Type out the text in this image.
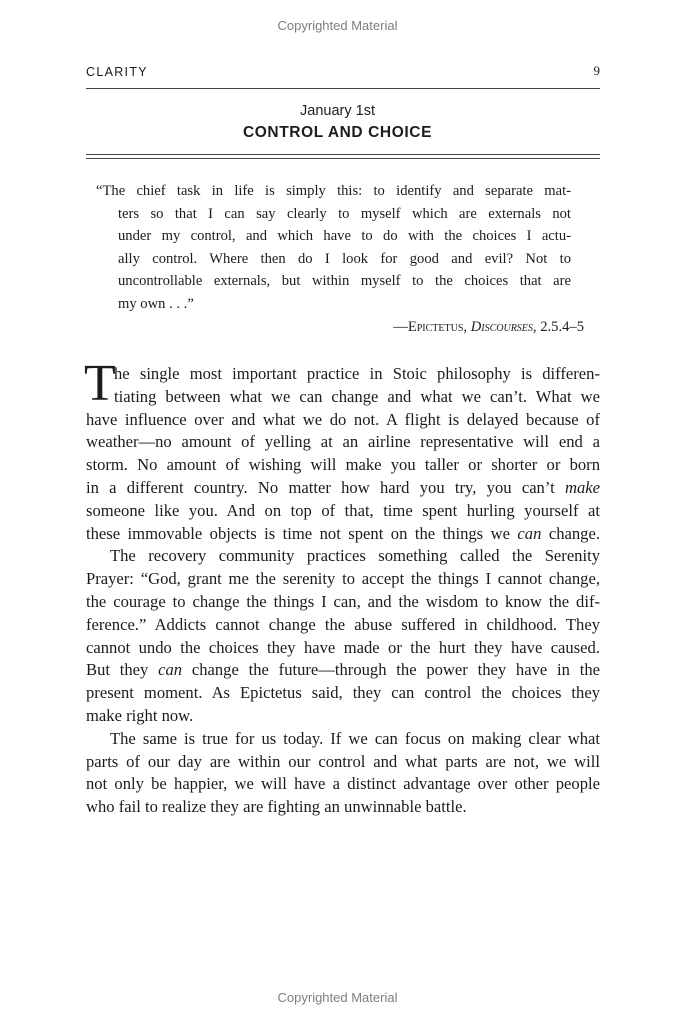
Copyrighted Material
CLARITY	9
January 1st
CONTROL AND CHOICE
“The chief task in life is simply this: to identify and separate mat-
ters so that I can say clearly to myself which are externals not
under my control, and which have to do with the choices I actu-
ally control. Where then do I look for good and evil? Not to
uncontrollable externals, but within myself to the choices that are
my own . . .”
—Epictetus, Discourses, 2.5.4–5
T
he single most important practice in Stoic philosophy is differen-
tiating between what we can change and what we can’t. What we
have influence over and what we do not. A flight is delayed because of
weather—no amount of yelling at an airline representative will end a
storm. No amount of wishing will make you taller or shorter or born
in a different country. No matter how hard you try, you can’t make
someone like you. And on top of that, time spent hurling yourself at
these immovable objects is time not spent on the things we can change.
The recovery community practices something called the Serenity
Prayer: “God, grant me the serenity to accept the things I cannot change,
the courage to change the things I can, and the wisdom to know the dif-
ference.” Addicts cannot change the abuse suffered in childhood. They
cannot undo the choices they have made or the hurt they have caused.
But they can change the future—through the power they have in the
present moment. As Epictetus said, they can control the choices they
make right now.
The same is true for us today. If we can focus on making clear what
parts of our day are within our control and what parts are not, we will
not only be happier, we will have a distinct advantage over other people
who fail to realize they are fighting an unwinnable battle.
Copyrighted Material
